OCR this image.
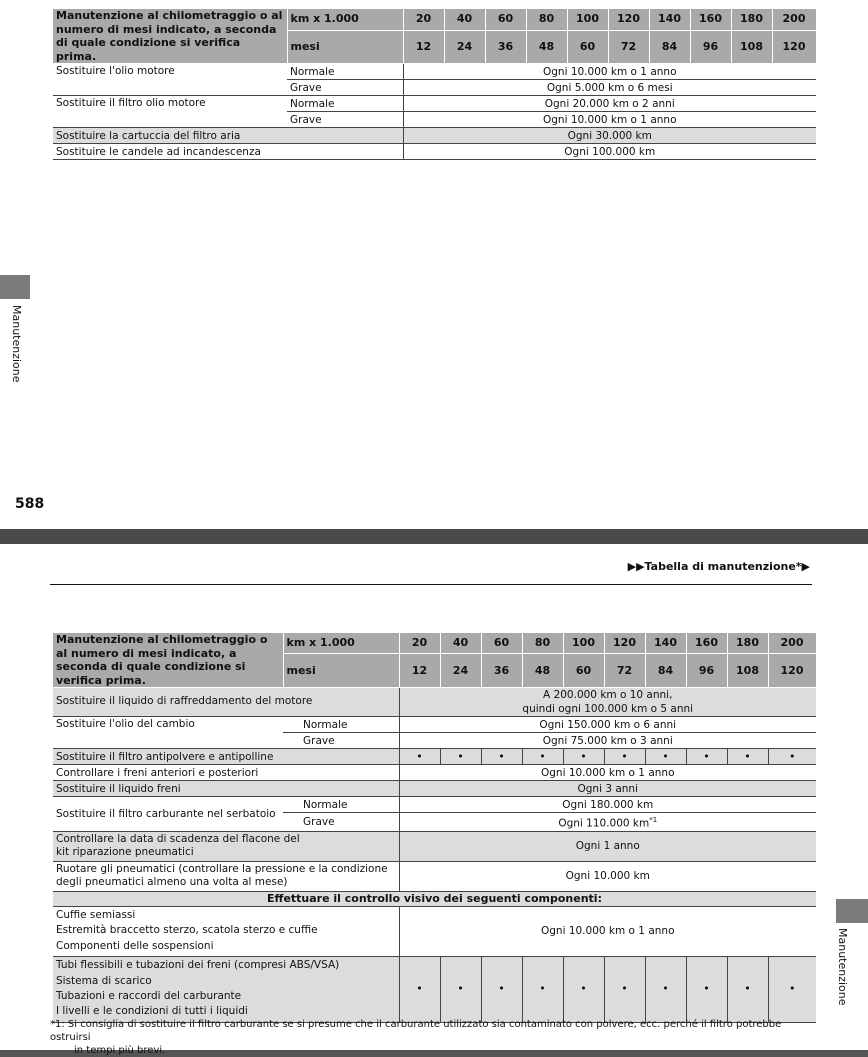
Manutenzione al chilometraggio o al numero di mesi indicato, a seconda di quale condizione si verifica prima.	km x 1.000	20	40	60	80	100	120	140	160	180	200
	mesi	12	24	36	48	60	72	84	96	108	120
Sostituire l'olio motore	Normale	Ogni 10.000 km o 1 anno									
	Grave	Ogni 5.000 km o 6 mesi									
Sostituire il filtro olio motore	Normale	Ogni 20.000 km o 2 anni									
	Grave	Ogni 10.000 km o 1 anno									
Sostituire la cartuccia del filtro aria		Ogni 30.000 km									
Sostituire le candele ad incandescenza		Ogni 100.000 km									
Manutenzione
588
▶▶Tabella di manutenzione*▶
Manutenzione al chilometraggio o al numero di mesi indicato, a seconda di quale condizione si verifica prima.	km x 1.000	20	40	60	80	100	120	140	160	180	200
	mesi	12	24	36	48	60	72	84	96	108	120
Sostituire il liquido di raffreddamento del motore		A 200.000 km o 10 anni,
quindi ogni 100.000 km o 5 anni									

Sostituire l'olio del cambio	Normale	Ogni 150.000 km o 6 anni									
	Grave	Ogni 75.000 km o 3 anni									
Sostituire il filtro antipolvere e antipolline		•	•	•	•	•	•	•	•	•	•
Controllare i freni anteriori e posteriori		Ogni 10.000 km o 1 anno									
Sostituire il liquido freni		Ogni 3 anni									
Sostituire il filtro carburante nel serbatoio	Normale	Ogni 180.000 km									
	Grave	Ogni 110.000 $km^{*1}$
Controllare la data di scadenza del flacone del kit riparazione pneumatici		Ogni 1 anno									
Ruotare gli pneumatici (controllare la pressione e la condizione degli pneumatici almeno una volta al mese)		Ogni 10.000 km									
Effettuare il controllo visivo dei seguenti componenti:											

Cuffie semiassi
Estremità braccetto sterzo, scatola sterzo e cuffie
Componenti delle sospensioni		Ogni 10.000 km o 1 anno									

Tubi flessibili e tubazioni dei freni (compresi ABS/VSA)
Sistema di scarico
Tubazioni e raccordi del carburante
I livelli e le condizioni di tutti i liquidi		•	•	•	•	•	•	•	•	•	•
*1: Si consiglia di sostituire il filtro carburante se si presume che il carburante utilizzato sia contaminato con polvere, ecc. perché il filtro potrebbe ostruirsi
in tempi più brevi.
Manutenzione
